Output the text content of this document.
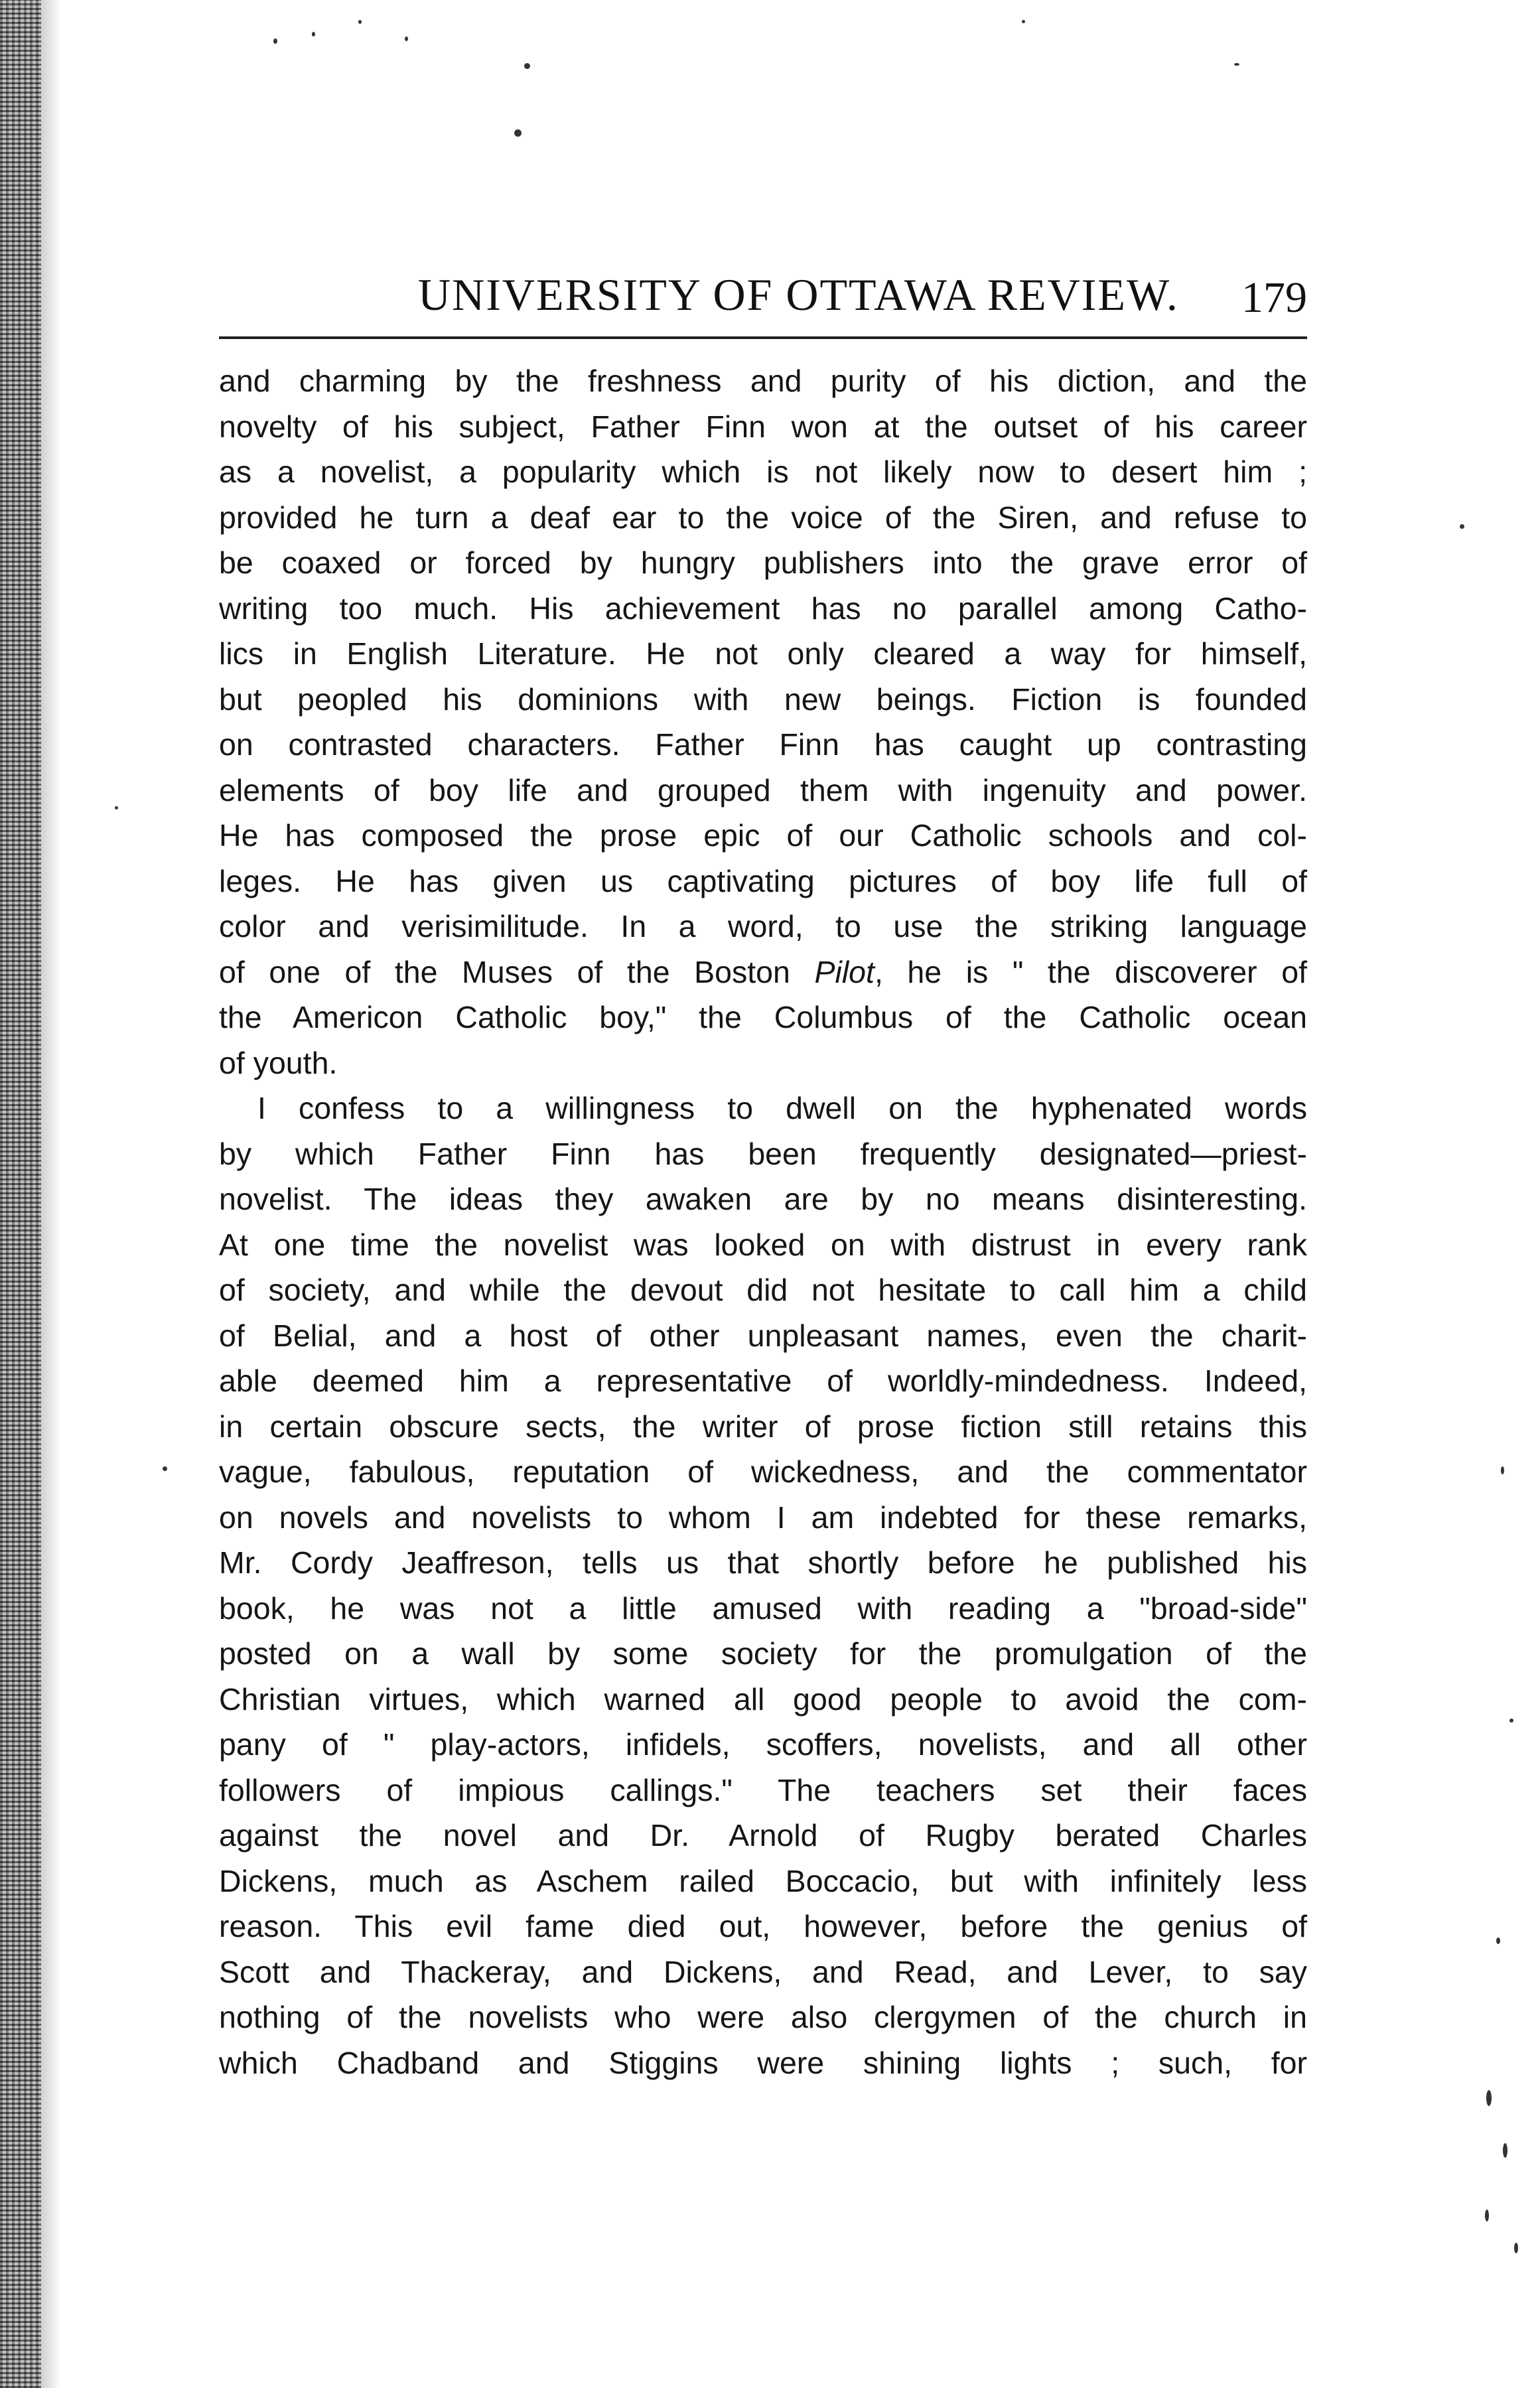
UNIVERSITY OF OTTAWA REVIEW. 179
and charming by the freshness and purity of his diction, and the
novelty of his subject, Father Finn won at the outset of his career
as a novelist, a popularity which is not likely now to desert him ;
provided he turn a deaf ear to the voice of the Siren, and refuse to
be coaxed or forced by hungry publishers into the grave error of
writing too much. His achievement has no parallel among Catho-
lics in English Literature. He not only cleared a way for himself,
but peopled his dominions with new beings. Fiction is founded
on contrasted characters. Father Finn has caught up contrasting
elements of boy life and grouped them with ingenuity and power.
He has composed the prose epic of our Catholic schools and col-
leges. He has given us captivating pictures of boy life full of
color and verisimilitude. In a word, to use the striking language
of one of the Muses of the Boston Pilot, he is " the discoverer of
the Americon Catholic boy," the Columbus of the Catholic ocean
of youth.
I confess to a willingness to dwell on the hyphenated words
by which Father Finn has been frequently designated—priest-
novelist. The ideas they awaken are by no means disinteresting.
At one time the novelist was looked on with distrust in every rank
of society, and while the devout did not hesitate to call him a child
of Belial, and a host of other unpleasant names, even the charit-
able deemed him a representative of worldly-mindedness. Indeed,
in certain obscure sects, the writer of prose fiction still retains this
vague, fabulous, reputation of wickedness, and the commentator
on novels and novelists to whom I am indebted for these remarks,
Mr. Cordy Jeaffreson, tells us that shortly before he published his
book, he was not a little amused with reading a "broad-side"
posted on a wall by some society for the promulgation of the
Christian virtues, which warned all good people to avoid the com-
pany of " play-actors, infidels, scoffers, novelists, and all other
followers of impious callings." The teachers set their faces
against the novel and Dr. Arnold of Rugby berated Charles
Dickens, much as Aschem railed Boccacio, but with infinitely less
reason. This evil fame died out, however, before the genius of
Scott and Thackeray, and Dickens, and Read, and Lever, to say
nothing of the novelists who were also clergymen of the church in
which Chadband and Stiggins were shining lights ; such, for
